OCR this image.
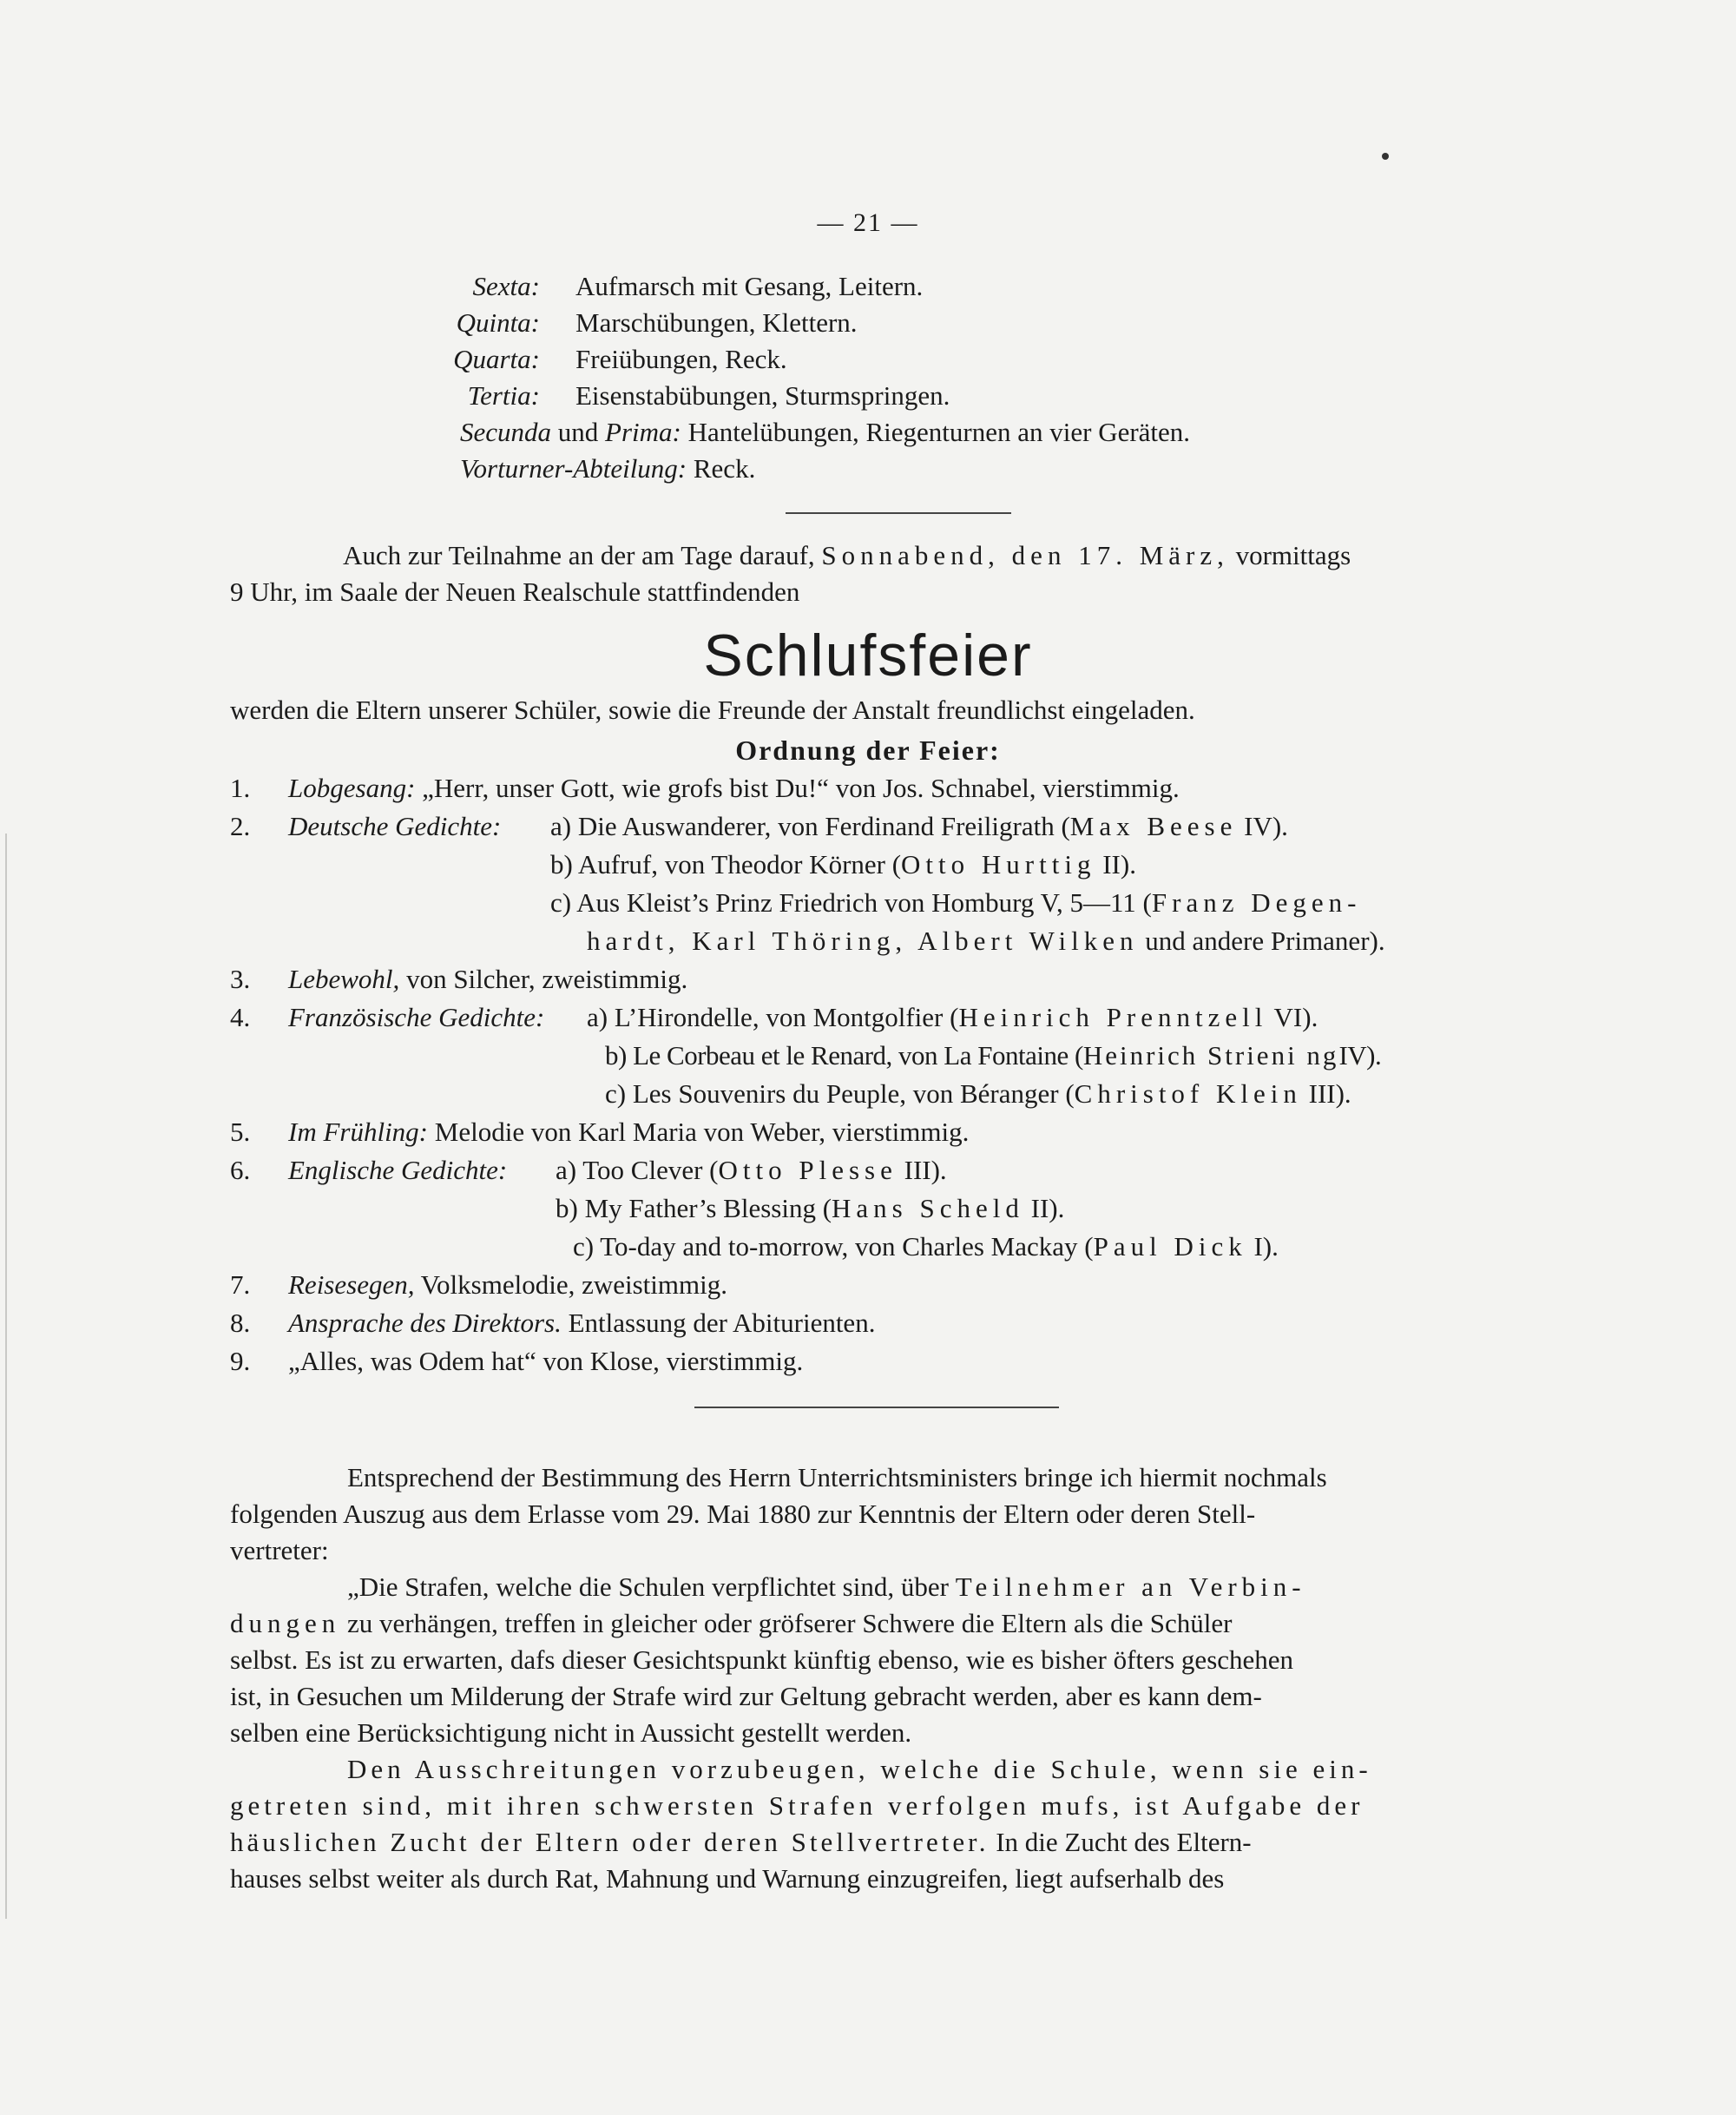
— 21 —
Sexta: Aufmarsch mit Gesang, Leitern.
Quinta: Marschübungen, Klettern.
Quarta: Freiübungen, Reck.
Tertia: Eisenstabübungen, Sturmspringen.
Secunda und Prima: Hantelübungen, Riegenturnen an vier Geräten.
Vorturner-Abteilung: Reck.
Auch zur Teilnahme an der am Tage darauf, Sonnabend, den 17. März, vormittags
9 Uhr, im Saale der Neuen Realschule stattfindenden
Schlufsfeier
werden die Eltern unserer Schüler, sowie die Freunde der Anstalt freundlichst eingeladen.
Ordnung der Feier:
1. Lobgesang: „Herr, unser Gott, wie grofs bist Du!“ von Jos. Schnabel, vierstimmig.
2. Deutsche Gedichte: a) Die Auswanderer, von Ferdinand Freiligrath (Max Beese IV).
b) Aufruf, von Theodor Körner (Otto Hurttig II).
c) Aus Kleist’s Prinz Friedrich von Homburg V, 5—11 (Franz Degen-
hardt, Karl Thöring, Albert Wilken und andere Primaner).
3. Lebewohl, von Silcher, zweistimmig.
4. Französische Gedichte: a) L’Hirondelle, von Montgolfier (Heinrich Prenntzell VI).
b) Le Corbeau et le Renard, von La Fontaine (Heinrich Strieni ngIV).
c) Les Souvenirs du Peuple, von Béranger (Christof Klein III).
5. Im Frühling: Melodie von Karl Maria von Weber, vierstimmig.
6. Englische Gedichte: a) Too Clever (Otto Plesse III).
b) My Father’s Blessing (Hans Scheld II).
c) To-day and to-morrow, von Charles Mackay (Paul Dick I).
7. Reisesegen, Volksmelodie, zweistimmig.
8. Ansprache des Direktors. Entlassung der Abiturienten.
9. „Alles, was Odem hat“ von Klose, vierstimmig.
Entsprechend der Bestimmung des Herrn Unterrichtsministers bringe ich hiermit nochmals
folgenden Auszug aus dem Erlasse vom 29. Mai 1880 zur Kenntnis der Eltern oder deren Stell-
vertreter:
„Die Strafen, welche die Schulen verpflichtet sind, über Teilnehmer an Verbin-
dungen zu verhängen, treffen in gleicher oder gröfserer Schwere die Eltern als die Schüler
selbst. Es ist zu erwarten, dafs dieser Gesichtspunkt künftig ebenso, wie es bisher öfters geschehen
ist, in Gesuchen um Milderung der Strafe wird zur Geltung gebracht werden, aber es kann dem-
selben eine Berücksichtigung nicht in Aussicht gestellt werden.
Den Ausschreitungen vorzubeugen, welche die Schule, wenn sie ein-
getreten sind, mit ihren schwersten Strafen verfolgen mufs, ist Aufgabe der
häuslichen Zucht der Eltern oder deren Stellvertreter. In die Zucht des Eltern-
hauses selbst weiter als durch Rat, Mahnung und Warnung einzugreifen, liegt aufserhalb des
